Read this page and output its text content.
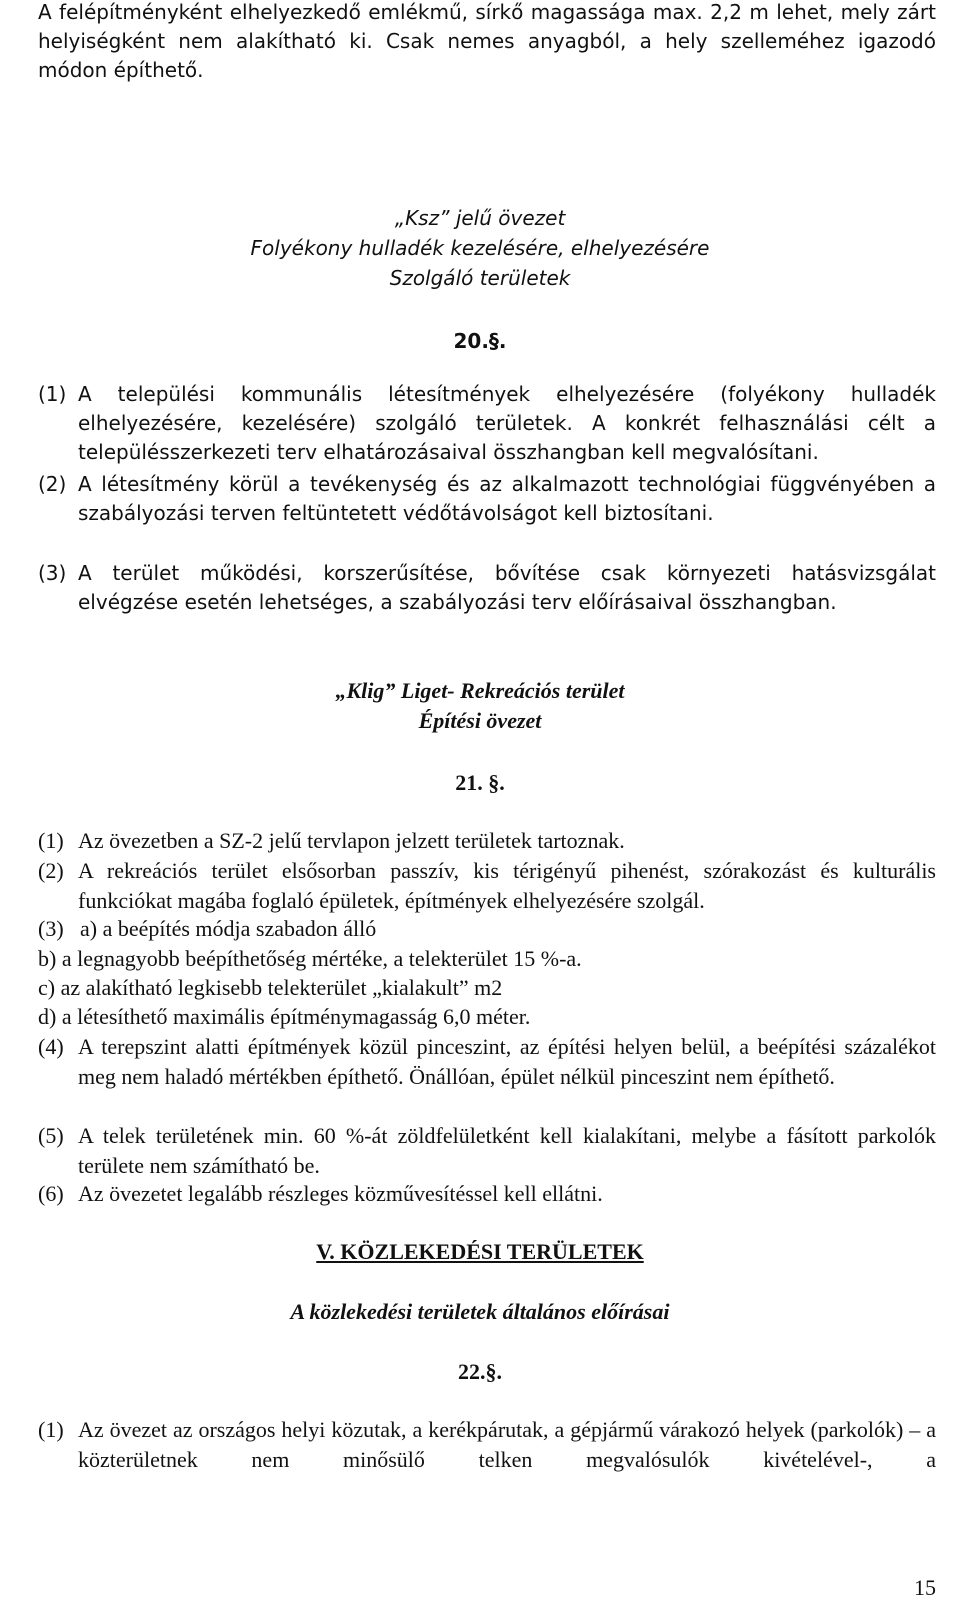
A felépítményként elhelyezkedő emlékmű, sírkő magassága max. 2,2 m lehet, mely zárt helyiségként nem alakítható ki. Csak nemes anyagból, a hely szelleméhez igazodó módon építhető.
„Ksz” jelű övezet
Folyékony hulladék kezelésére, elhelyezésére
Szolgáló területek
20.§.
(1) A települési kommunális létesítmények elhelyezésére (folyékony hulladék elhelyezésére, kezelésére) szolgáló területek. A konkrét felhasználási célt a településszerkezeti terv elhatározásaival összhangban kell megvalósítani.
(2) A létesítmény körül a tevékenység és az alkalmazott technológiai függvényében a szabályozási terven feltüntetett védőtávolságot kell biztosítani.
(3) A terület működési, korszerűsítése, bővítése csak környezeti hatásvizsgálat elvégzése esetén lehetséges, a szabályozási terv előírásaival összhangban.
„Klig” Liget- Rekreációs terület
Építési övezet
21. §.
(1) Az övezetben a SZ-2 jelű tervlapon jelzett területek tartoznak.
(2) A rekreációs terület elsősorban passzív, kis térigényű pihenést, szórakozást és kulturális funkciókat magába foglaló épületek, építmények elhelyezésére szolgál.
(3) a) a beépítés módja szabadon álló
b) a legnagyobb beépíthetőség mértéke, a telekterület 15 %-a.
c) az alakítható legkisebb telekterület „kialakult” m2
d) a létesíthető maximális építménymagasság 6,0 méter.
(4) A terepszint alatti építmények közül pinceszint, az építési helyen belül, a beépítési százalékot meg nem haladó mértékben építhető. Önállóan, épület nélkül pinceszint nem építhető.
(5) A telek területének min. 60 %-át zöldfelületként kell kialakítani, melybe a fásított parkolók területe nem számítható be.
(6) Az övezetet legalább részleges közművesítéssel kell ellátni.
V. KÖZLEKEDÉSI TERÜLETEK
A közlekedési területek általános előírásai
22.§.
(1) Az övezet az országos helyi közutak, a kerékpárutak, a gépjármű várakozó helyek (parkolók) – a közterületnek nem minősülő telken megvalósulók kivételével-, a
15
